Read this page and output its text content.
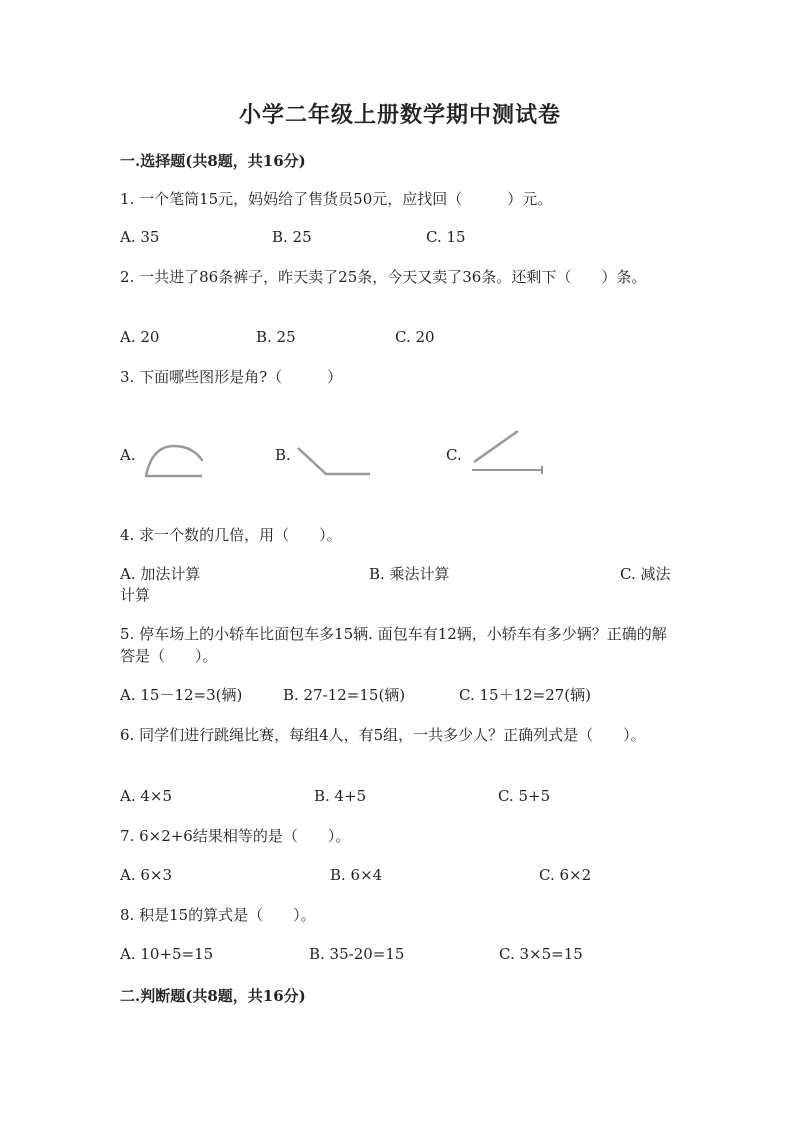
小学二年级上册数学期中测试卷
一.选择题(共8题，共16分)
1. 一个笔筒15元，妈妈给了售货员50元，应找回（　　　）元。
A. 35	B. 25	C. 15
2. 一共进了86条裤子，昨天卖了25条，今天又卖了36条。还剩下（　　）条。
A. 20	B. 25	C. 20
3. 下面哪些图形是角?（　　　）
A.	B.	C.
4. 求一个数的几倍，用（　　）。
A. 加法计算	B. 乘法计算	C. 减法
计算
5. 停车场上的小轿车比面包车多15辆. 面包车有12辆，小轿车有多少辆？正确的解答是（　　）。
A. 15－12=3(辆)	B. 27-12=15(辆)	C. 15＋12=27(辆)
6. 同学们进行跳绳比赛，每组4人，有5组，一共多少人？正确列式是（　　）。
A. 4×5	B. 4+5	C. 5+5
7. 6×2+6结果相等的是（　　）。
A. 6×3	B. 6×4	C. 6×2
8. 积是15的算式是（　　）。
A. 10+5=15	B. 35-20=15	C. 3×5=15
二.判断题(共8题，共16分)
